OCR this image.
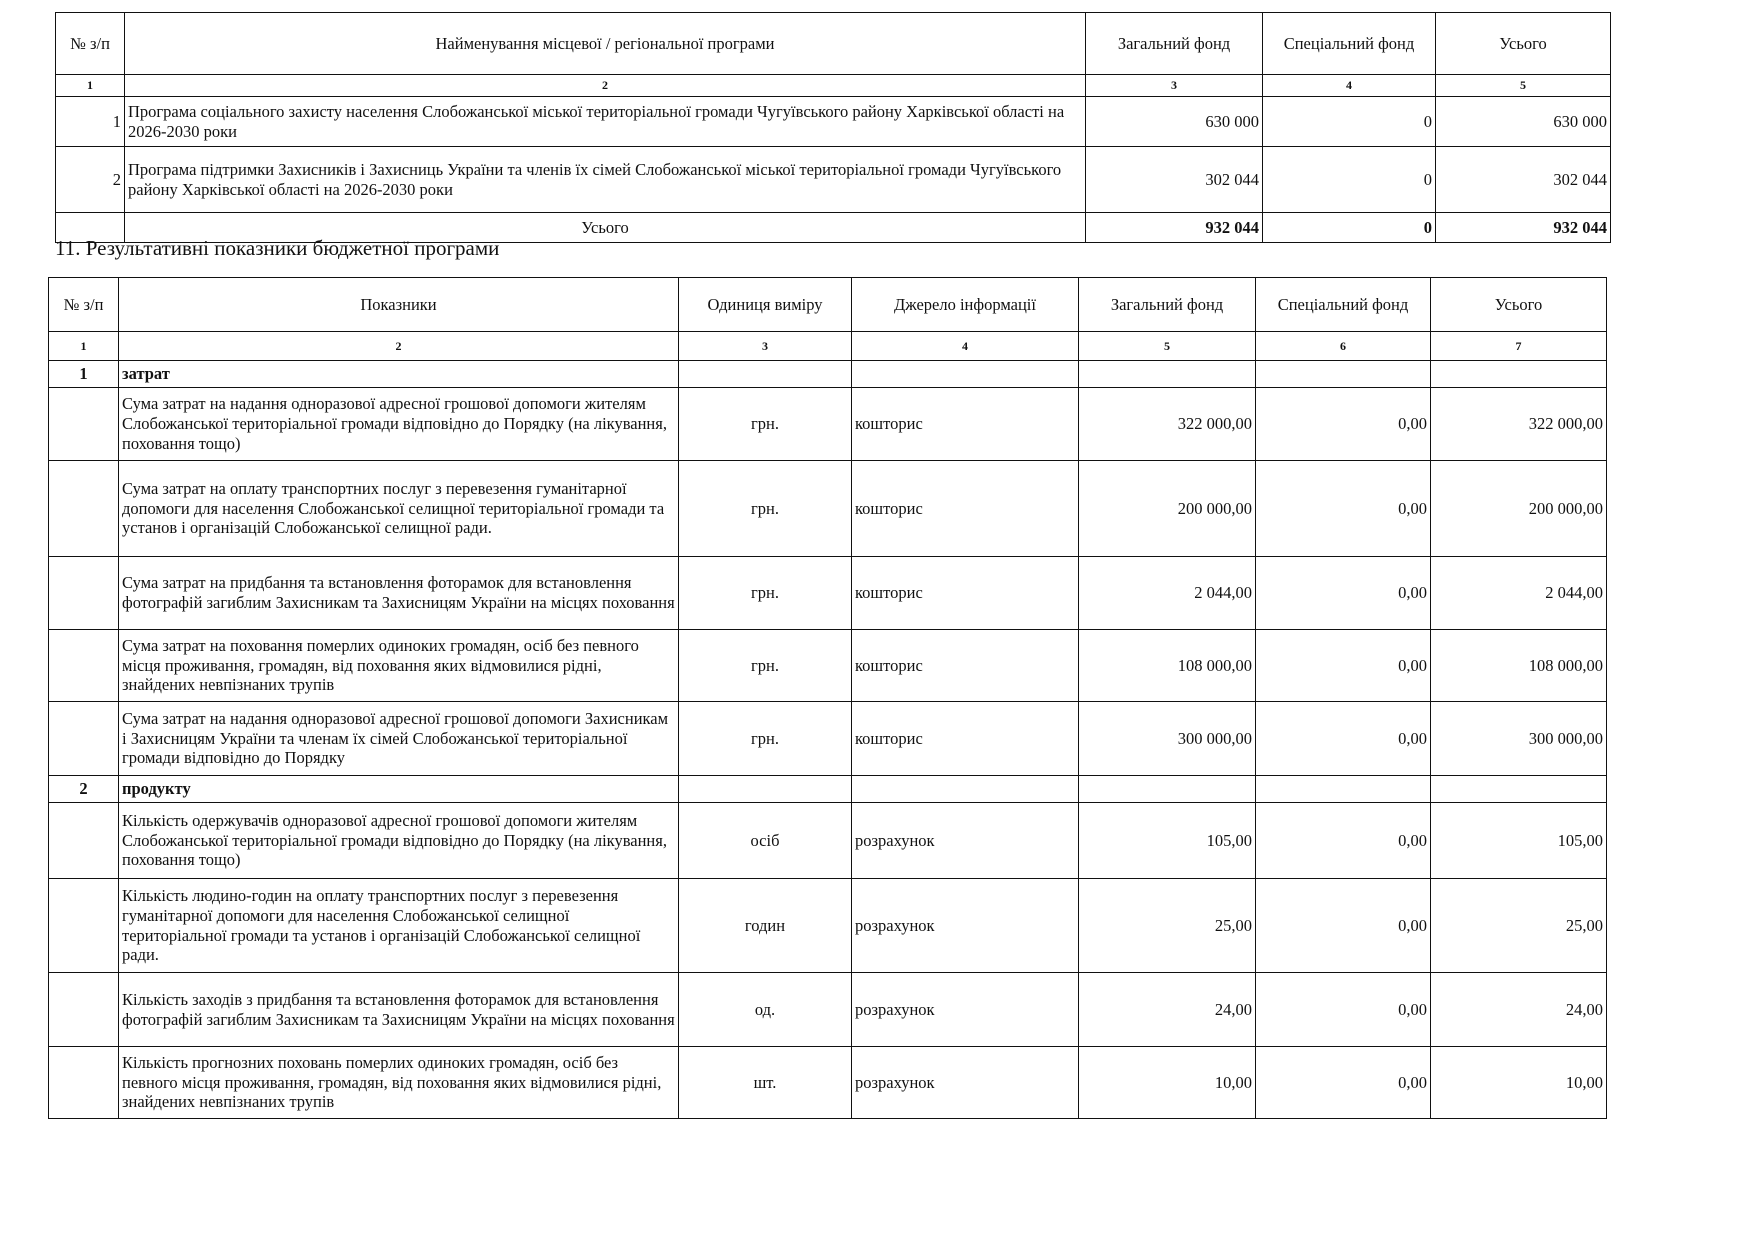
№ з/п	Найменування місцевої / регіональної програми	Загальний фонд	Спеціальний фонд	Усього
1	2	3	4	5
1	Програма соціального захисту населення Слобожанської міської територіальної громади Чугуївського району Харківської області на 2026-2030 роки	630 000	0	630 000
2	Програма підтримки Захисників і Захисниць України та членів їх сімей Слобожанської міської територіальної громади Чугуївського району Харківської області на 2026-2030 роки	302 044	0	302 044
	Усього	932 044	0	932 044
11. Результативні показники бюджетної програми
№ з/п	Показники	Одиниця виміру	Джерело інформації	Загальний фонд	Спеціальний фонд	Усього
1	2	3	4	5	6	7
1	затрат					
	Сума затрат на надання одноразової адресної грошової допомоги жителям Слобожанської територіальної громади відповідно до Порядку (на лікування, поховання тощо)	грн.	кошторис	322 000,00	0,00	322 000,00
	Сума затрат на оплату транспортних послуг з перевезення гуманітарної допомоги для населення Слобожанської селищної територіальної громади та установ і організацій Слобожанської селищної ради.	грн.	кошторис	200 000,00	0,00	200 000,00
	Сума затрат на придбання та встановлення фоторамок для встановлення фотографій загиблим Захисникам та Захисницям України на місцях поховання	грн.	кошторис	2 044,00	0,00	2 044,00
	Сума затрат на поховання померлих одиноких громадян, осіб без певного місця проживання, громадян, від поховання яких відмовилися рідні, знайдених невпізнаних трупів	грн.	кошторис	108 000,00	0,00	108 000,00
	Сума затрат на надання одноразової адресної грошової допомоги Захисникам і Захисницям України та членам їх сімей Слобожанської територіальної громади відповідно до Порядку	грн.	кошторис	300 000,00	0,00	300 000,00
2	продукту					
	Кількість одержувачів одноразової адресної грошової допомоги жителям Слобожанської територіальної громади відповідно до Порядку (на лікування, поховання тощо)	осіб	розрахунок	105,00	0,00	105,00
	Кількість людино-годин на оплату транспортних послуг з перевезення гуманітарної допомоги для населення Слобожанської селищної територіальної громади та установ і організацій Слобожанської селищної ради.	годин	розрахунок	25,00	0,00	25,00
	Кількість заходів з придбання та встановлення фоторамок для встановлення фотографій загиблим Захисникам та Захисницям України на місцях поховання	од.	розрахунок	24,00	0,00	24,00
	Кількість прогнозних поховань померлих одиноких громадян, осіб без певного місця проживання, громадян, від поховання яких відмовилися рідні, знайдених невпізнаних трупів	шт.	розрахунок	10,00	0,00	10,00
